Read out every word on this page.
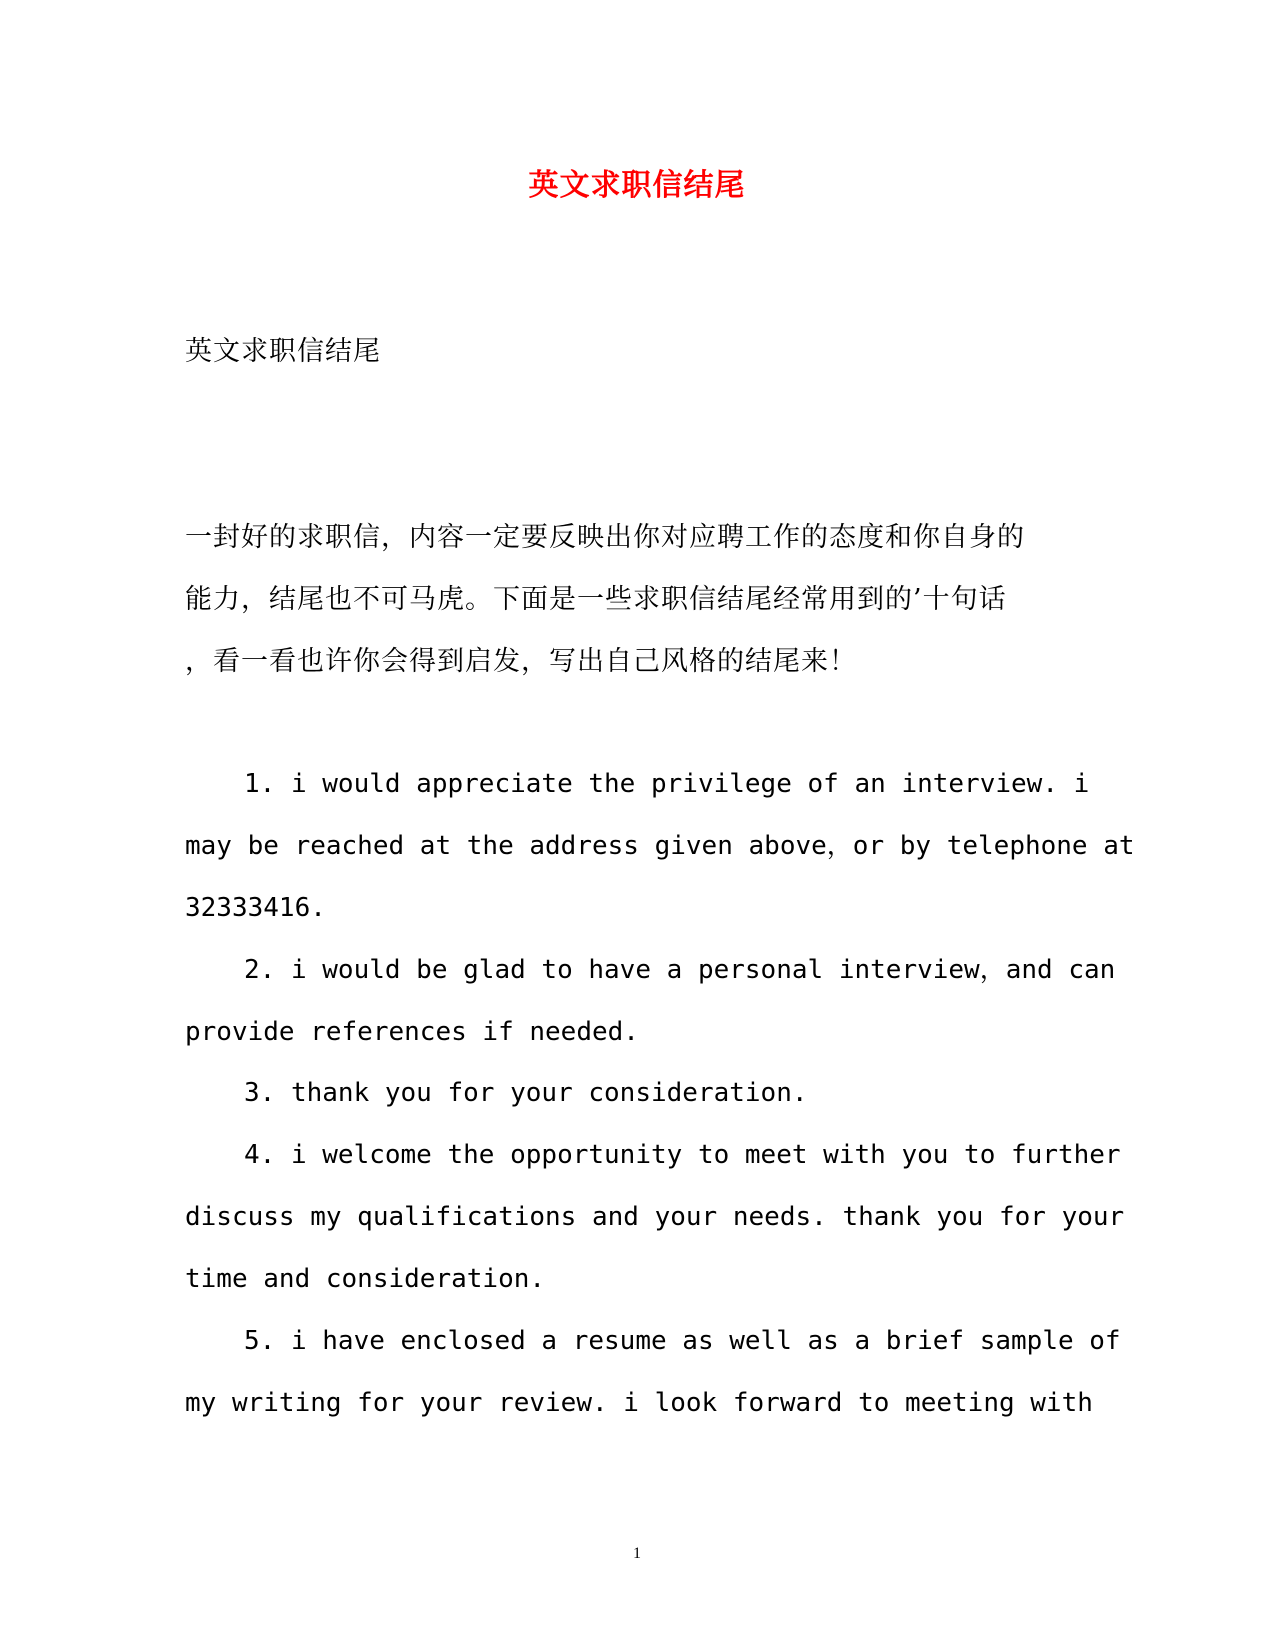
英文求职信结尾
英文求职信结尾
一封好的求职信，内容一定要反映出你对应聘工作的态度和你自身的
能力，结尾也不可马虎。下面是一些求职信结尾经常用到的’十句话
，看一看也许你会得到启发，写出自己风格的结尾来！
1. i would appreciate the privilege of an interview. i
may be reached at the address given above，or by telephone at
32333416.
2. i would be glad to have a personal interview，and can
provide references if needed.
3. thank you for your consideration.
4. i welcome the opportunity to meet with you to further
discuss my qualifications and your needs. thank you for your
time and consideration.
5. i have enclosed a resume as well as a brief sample of
my writing for your review. i look forward to meeting with
1
